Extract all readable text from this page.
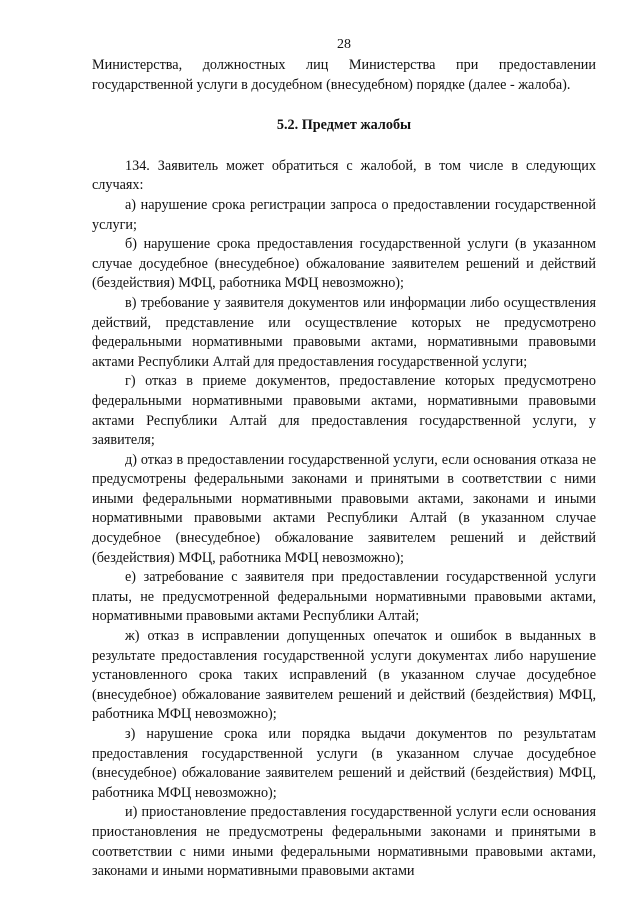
28

Министерства, должностных лиц Министерства при предоставлении государственной услуги в досудебном (внесудебном) порядке (далее - жалоба).

5.2. Предмет жалобы

134. Заявитель может обратиться с жалобой, в том числе в следующих случаях:

а) нарушение срока регистрации запроса о предоставлении государственной услуги;

б) нарушение срока предоставления государственной услуги (в указанном случае досудебное (внесудебное) обжалование заявителем решений и действий (бездействия) МФЦ, работника МФЦ невозможно);

в) требование у заявителя документов или информации либо осуществления действий, представление или осуществление которых не предусмотрено федеральными нормативными правовыми актами, нормативными правовыми актами Республики Алтай для предоставления государственной услуги;

г) отказ в приеме документов, предоставление которых предусмотрено федеральными нормативными правовыми актами, нормативными правовыми актами Республики Алтай для предоставления государственной услуги, у заявителя;

д) отказ в предоставлении государственной услуги, если основания отказа не предусмотрены федеральными законами и принятыми в соответствии с ними иными федеральными нормативными правовыми актами, законами и иными нормативными правовыми актами Республики Алтай (в указанном случае досудебное (внесудебное) обжалование заявителем решений и действий (бездействия) МФЦ, работника МФЦ невозможно);

е) затребование с заявителя при предоставлении государственной услуги платы, не предусмотренной федеральными нормативными правовыми актами, нормативными правовыми актами Республики Алтай;

ж) отказ в исправлении допущенных опечаток и ошибок в выданных в результате предоставления государственной услуги документах либо нарушение установленного срока таких исправлений (в указанном случае досудебное (внесудебное) обжалование заявителем решений и действий (бездействия) МФЦ, работника МФЦ невозможно);

з) нарушение срока или порядка выдачи документов по результатам предоставления государственной услуги (в указанном случае досудебное (внесудебное) обжалование заявителем решений и действий (бездействия) МФЦ, работника МФЦ невозможно);

и) приостановление предоставления государственной услуги если основания приостановления не предусмотрены федеральными законами и принятыми в соответствии с ними иными федеральными нормативными правовыми актами, законами и иными нормативными правовыми актами
